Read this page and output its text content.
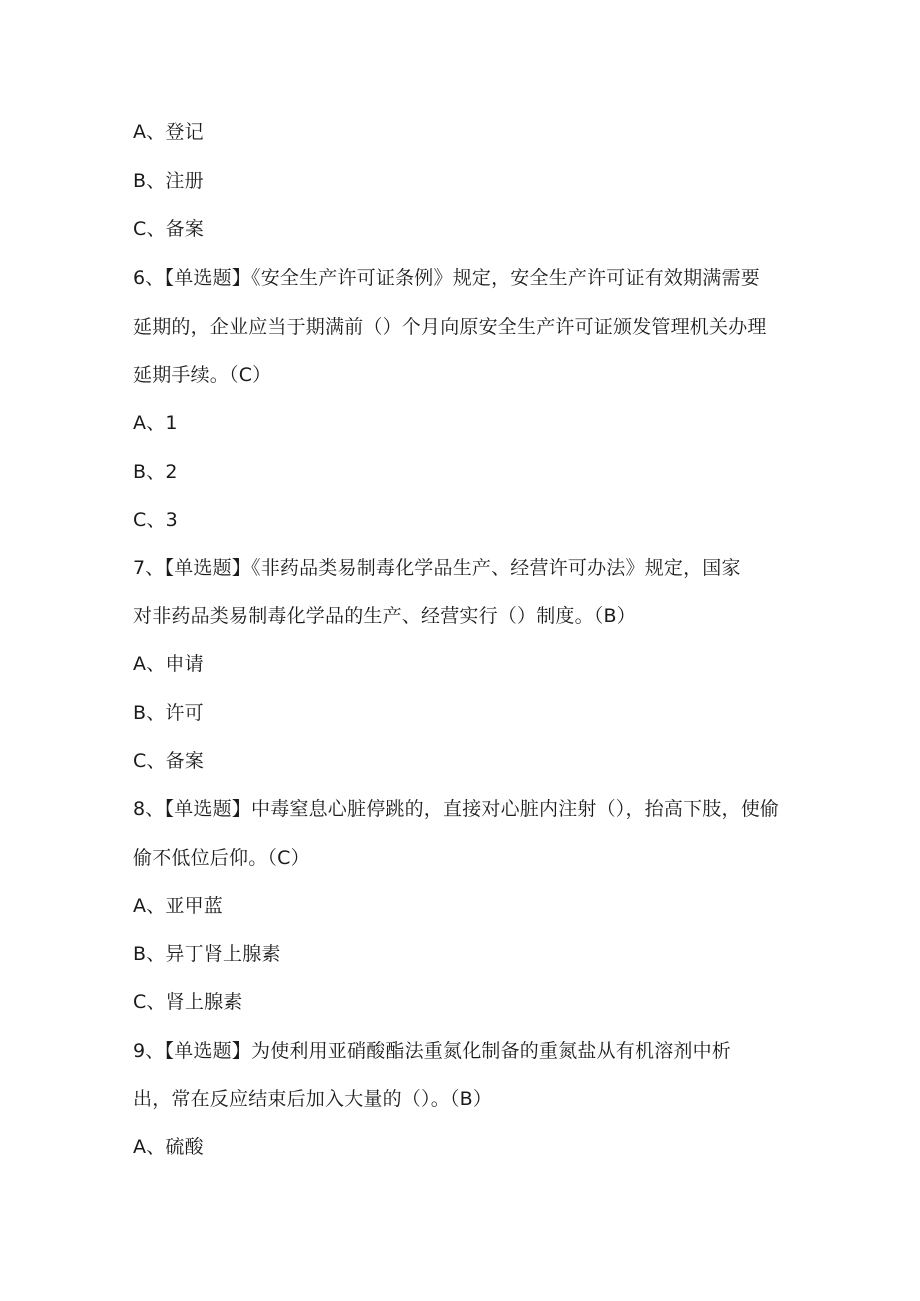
A、登记
B、注册
C、备案
6、【单选题】《安全生产许可证条例》规定，安全生产许可证有效期满需要
延期的，企业应当于期满前（）个月向原安全生产许可证颁发管理机关办理
延期手续。（C）
A、1
B、2
C、3
7、【单选题】《非药品类易制毒化学品生产、经营许可办法》规定，国家
对非药品类易制毒化学品的生产、经营实行（）制度。（B）
A、申请
B、许可
C、备案
8、【单选题】中毒窒息心脏停跳的，直接对心脏内注射（），抬高下肢，使偷
偷不低位后仰。（C）
A、亚甲蓝
B、异丁肾上腺素
C、肾上腺素
9、【单选题】为使利用亚硝酸酯法重氮化制备的重氮盐从有机溶剂中析
出，常在反应结束后加入大量的（）。（B）
A、硫酸
